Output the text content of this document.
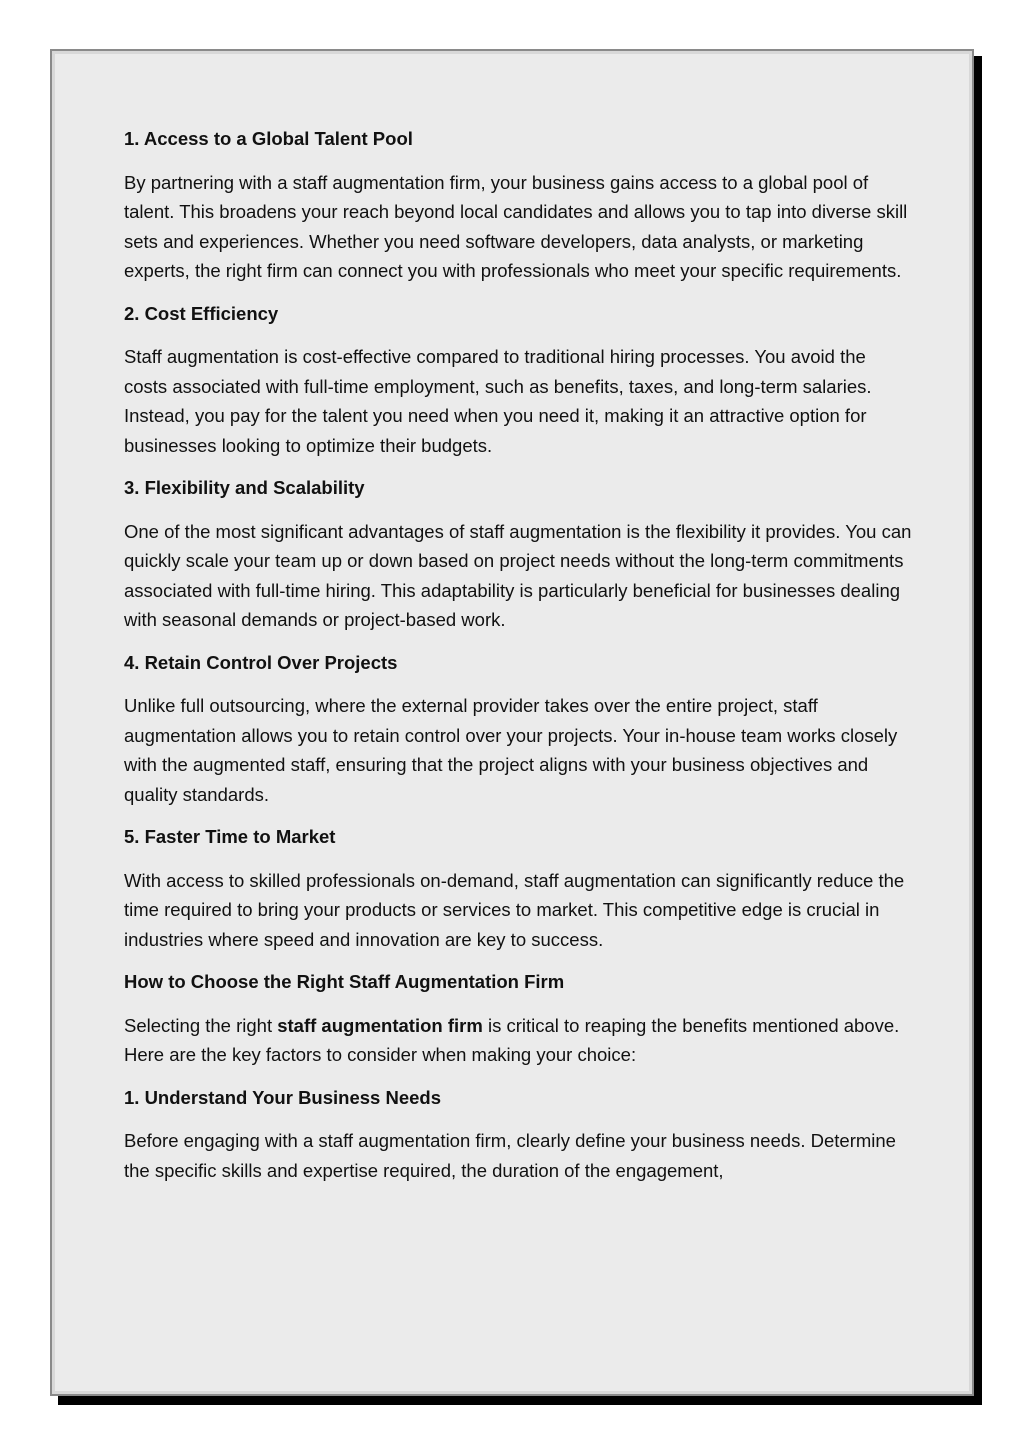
1. Access to a Global Talent Pool

By partnering with a staff augmentation firm, your business gains access to a global pool of talent. This broadens your reach beyond local candidates and allows you to tap into diverse skill sets and experiences. Whether you need software developers, data analysts, or marketing experts, the right firm can connect you with professionals who meet your specific requirements.

2. Cost Efficiency

Staff augmentation is cost-effective compared to traditional hiring processes. You avoid the costs associated with full-time employment, such as benefits, taxes, and long-term salaries. Instead, you pay for the talent you need when you need it, making it an attractive option for businesses looking to optimize their budgets.

3. Flexibility and Scalability

One of the most significant advantages of staff augmentation is the flexibility it provides. You can quickly scale your team up or down based on project needs without the long-term commitments associated with full-time hiring. This adaptability is particularly beneficial for businesses dealing with seasonal demands or project-based work.

4. Retain Control Over Projects

Unlike full outsourcing, where the external provider takes over the entire project, staff augmentation allows you to retain control over your projects. Your in-house team works closely with the augmented staff, ensuring that the project aligns with your business objectives and quality standards.

5. Faster Time to Market

With access to skilled professionals on-demand, staff augmentation can significantly reduce the time required to bring your products or services to market. This competitive edge is crucial in industries where speed and innovation are key to success.

How to Choose the Right Staff Augmentation Firm

Selecting the right staff augmentation firm is critical to reaping the benefits mentioned above. Here are the key factors to consider when making your choice:

1. Understand Your Business Needs

Before engaging with a staff augmentation firm, clearly define your business needs. Determine the specific skills and expertise required, the duration of the engagement,
